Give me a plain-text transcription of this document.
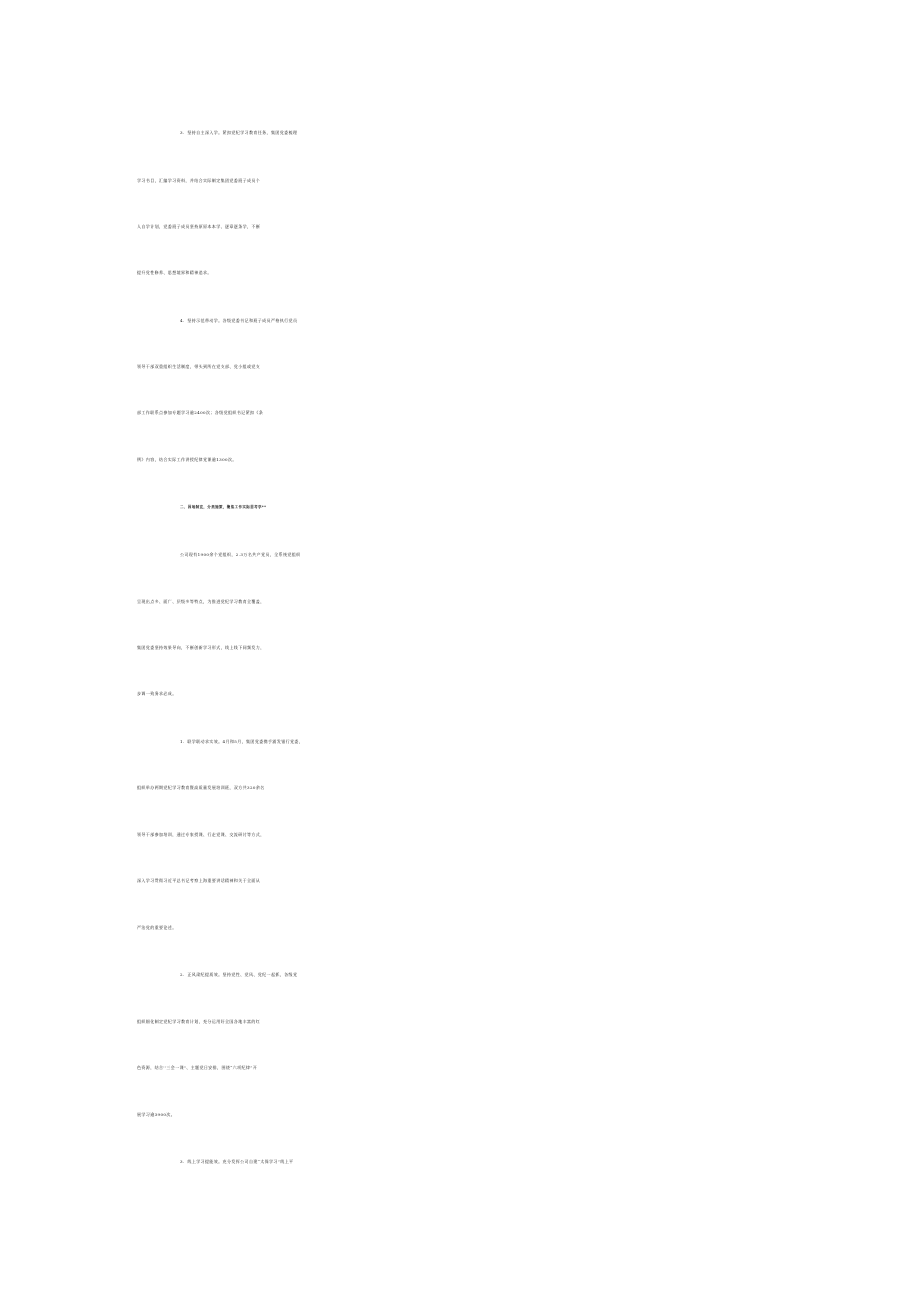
3．坚持自主深入学。紧扣党纪学习教育任务，集团党委梳理
学习书目，汇编学习资料，并结合实际制定集团党委班子成员个
人自学计划，党委班子成员坚持原原本本学、逐章逐条学，不断
提升党性修养、思想境界和精神追求。
4．坚持示范带动学。各级党委书记和班子成员严格执行党员
领导干部双重组织生活制度，带头到所在党支部、党小组或党支
部工作联系点参加专题学习逾2400次；各级党组织书记紧扣《条
例》内容，结合实际工作讲授纪律党课逾1300次。
二、因地制宜，分类施策，聚焦工作实际思考学**
公司现有1900余个党组织，2.3万名共产党员，全系统党组织
呈现出点多、面广、层级多等特点，为推进党纪学习教育全覆盖，
集团党委坚持效果导向，不断创新学习形式，线上线下同频发力，
步调一致务求必成。
1．联学联动求实效。4月和5月，集团党委携手浦发银行党委，
组织举办两期党纪学习教育暨高质量发展培训班，双方共320余名
领导干部参加培训，通过专家授课、行走党课、交流研讨等方式，
深入学习贯彻习近平总书记考察上海重要讲话精神和关于全面从
严治党的重要论述。
2．正风肃纪提质效。坚持党性、党风、党纪一起抓，各级党
组织细化制定党纪学习教育计划，充分运用好全国各地丰富的红
色资源，结合''三会一课"、主题党日安排，围绕“六项纪律”开
展学习逾3900次。
3．线上学习提能效。充分发挥公司自建“太保学习”线上平
